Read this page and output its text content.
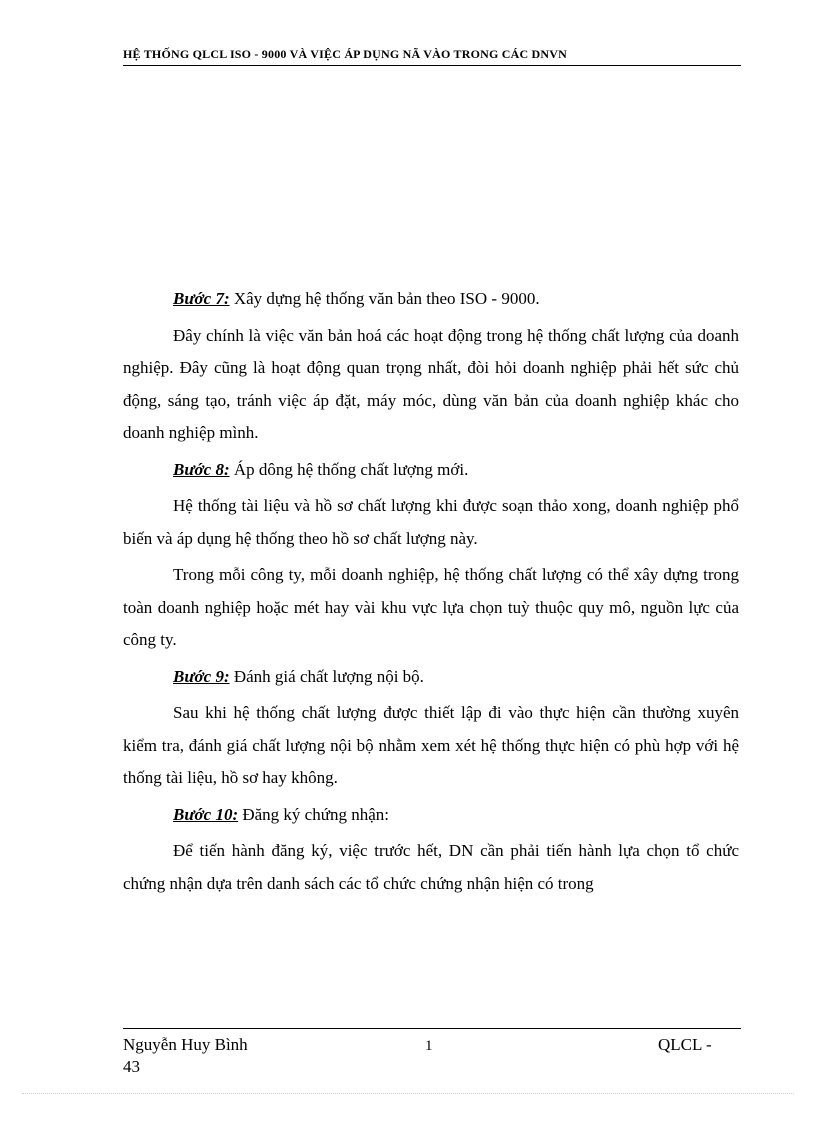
HỆ THỐNG QLCL ISO - 9000 VÀ VIỆC ÁP DỤNG NÃ VÀO TRONG CÁC DNVN

Bước 7: Xây dựng hệ thống văn bản theo ISO - 9000.

Đây chính là việc văn bản hoá các hoạt động trong hệ thống chất lượng của doanh nghiệp. Đây cũng là hoạt động quan trọng nhất, đòi hỏi doanh nghiệp phải hết sức chủ động, sáng tạo, tránh việc áp đặt, máy móc, dùng văn bản của doanh nghiệp khác cho doanh nghiệp mình.

Bước 8: Áp dông hệ thống chất lượng mới.

Hệ thống tài liệu và hồ sơ chất lượng khi được soạn thảo xong, doanh nghiệp phổ biến và áp dụng hệ thống theo hồ sơ chất lượng này.

Trong mỗi công ty, mỗi doanh nghiệp, hệ thống chất lượng có thể xây dựng trong toàn doanh nghiệp hoặc mét hay vài khu vực lựa chọn tuỳ thuộc quy mô, nguồn lực của công ty.

Bước 9: Đánh giá chất lượng nội bộ.

Sau khi hệ thống chất lượng được thiết lập đi vào thực hiện cần thường xuyên kiểm tra, đánh giá chất lượng nội bộ nhằm xem xét hệ thống thực hiện có phù hợp với hệ thống tài liệu, hồ sơ hay không.

Bước 10: Đăng ký chứng nhận:

Để tiến hành đăng ký, việc trước hết, DN cần phải tiến hành lựa chọn tổ chức chứng nhận dựa trên danh sách các tổ chức chứng nhận hiện có trong

Nguyễn Huy Bình
43
1	QLCL -
